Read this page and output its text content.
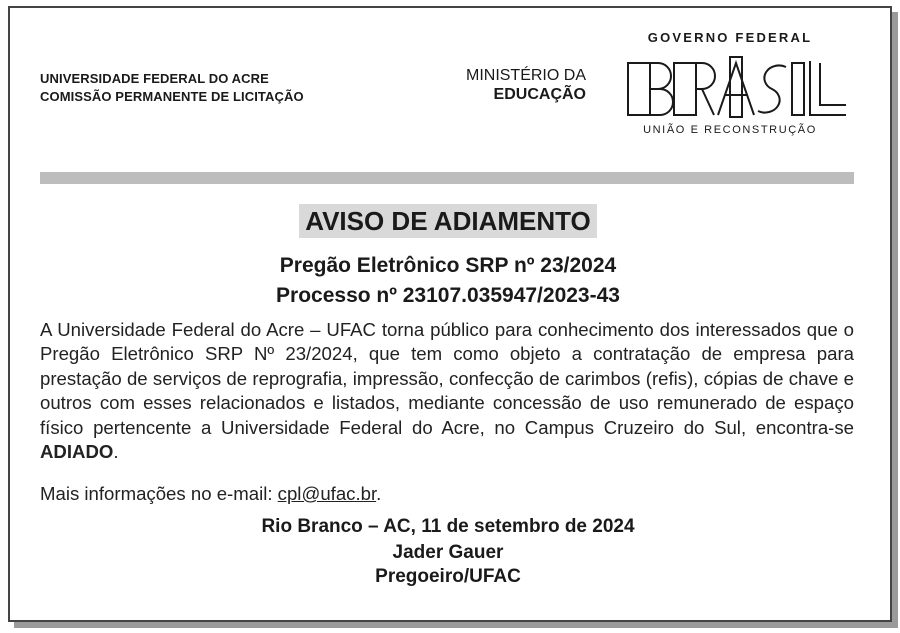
UNIVERSIDADE FEDERAL DO ACRE
COMISSÃO PERMANENTE DE LICITAÇÃO
MINISTÉRIO DA
EDUCAÇÃO
GOVERNO FEDERAL
UNIÃO E RECONSTRUÇÃO
AVISO DE ADIAMENTO
Pregão Eletrônico SRP nº 23/2024
Processo nº 23107.035947/2023-43
A Universidade Federal do Acre – UFAC torna público para conhecimento dos interessados que o Pregão Eletrônico SRP Nº 23/2024, que tem como objeto a contratação de empresa para prestação de serviços de reprografia, impressão, confecção de carimbos (refis), cópias de chave e outros com esses relacionados e listados, mediante concessão de uso remunerado de espaço físico pertencente a Universidade Federal do Acre, no Campus Cruzeiro do Sul, encontra-se ADIADO.
Mais informações no e-mail: cpl@ufac.br.
Rio Branco – AC, 11 de setembro de 2024
Jader Gauer
Pregoeiro/UFAC
